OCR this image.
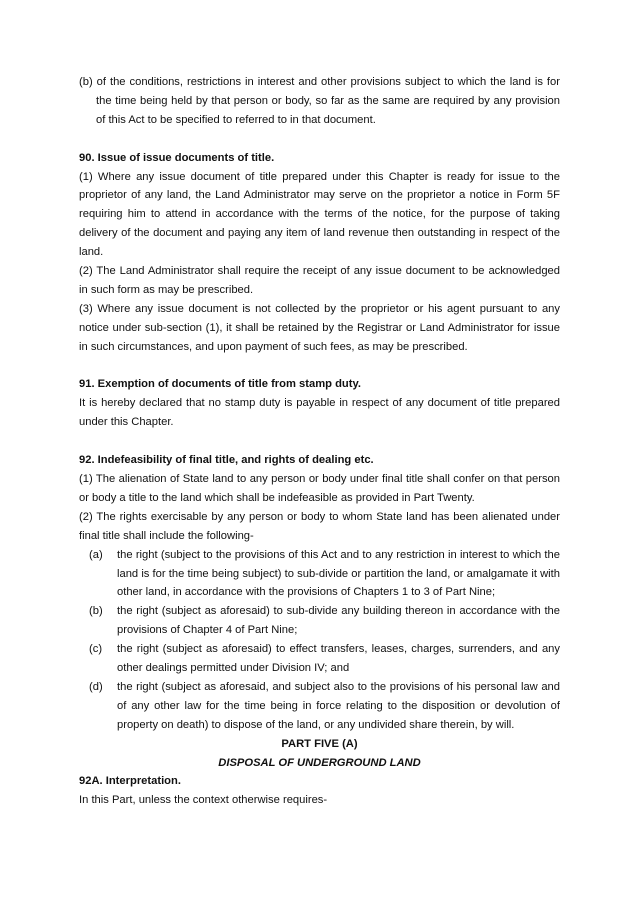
(b) of the conditions, restrictions in interest and other provisions subject to which the land is for the time being held by that person or body, so far as the same are required by any provision of this Act to be specified to referred to in that document.

90. Issue of issue documents of title.

(1) Where any issue document of title prepared under this Chapter is ready for issue to the proprietor of any land, the Land Administrator may serve on the proprietor a notice in Form 5F requiring him to attend in accordance with the terms of the notice, for the purpose of taking delivery of the document and paying any item of land revenue then outstanding in respect of the land.

(2) The Land Administrator shall require the receipt of any issue document to be acknowledged in such form as may be prescribed.

(3) Where any issue document is not collected by the proprietor or his agent pursuant to any notice under sub-section (1), it shall be retained by the Registrar or Land Administrator for issue in such circumstances, and upon payment of such fees, as may be prescribed.

91. Exemption of documents of title from stamp duty.

It is hereby declared that no stamp duty is payable in respect of any document of title prepared under this Chapter.

92. Indefeasibility of final title, and rights of dealing etc.

(1) The alienation of State land to any person or body under final title shall confer on that person or body a title to the land which shall be indefeasible as provided in Part Twenty.

(2) The rights exercisable by any person or body to whom State land has been alienated under final title shall include the following-

(a) the right (subject to the provisions of this Act and to any restriction in interest to which the land is for the time being subject) to sub-divide or partition the land, or amalgamate it with other land, in accordance with the provisions of Chapters 1 to 3 of Part Nine;
(b) the right (subject as aforesaid) to sub-divide any building thereon in accordance with the provisions of Chapter 4 of Part Nine;
(c) the right (subject as aforesaid) to effect transfers, leases, charges, surrenders, and any other dealings permitted under Division IV; and
(d) the right (subject as aforesaid, and subject also to the provisions of his personal law and of any other law for the time being in force relating to the disposition or devolution of property on death) to dispose of the land, or any undivided share therein, by will.

PART FIVE (A)

DISPOSAL OF UNDERGROUND LAND

92A. Interpretation.

In this Part, unless the context otherwise requires-
